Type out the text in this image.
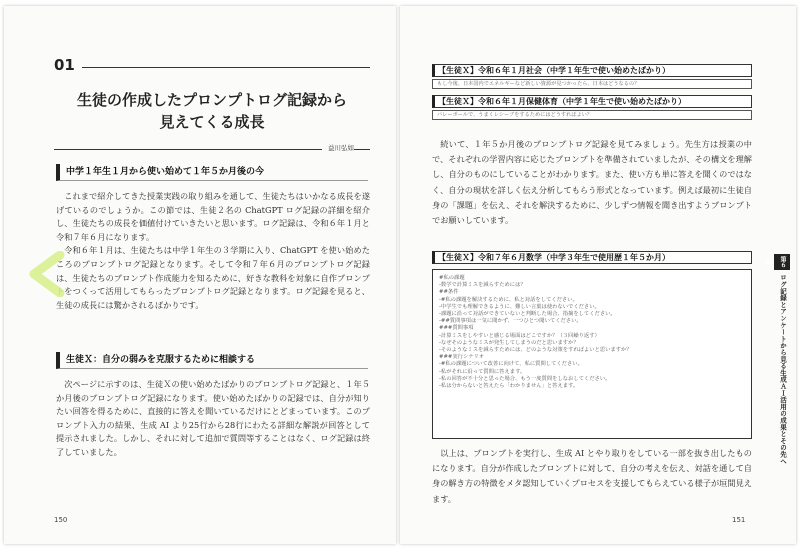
01
生徒の作成したプロンプトログ記録から
見えてくる成長
益川弘如
中学１年生１月から使い始めて１年５か月後の今

これまで紹介してきた授業実践の取り組みを通して、生徒たちはいかなる成長を遂げているのでしょうか。この節では、生徒２名の ChatGPT ログ記録の詳細を紹介し、生徒たちの成長を価値付けていきたいと思います。ログ記録は、令和６年１月と令和７年６月になります。

令和６年１月は、生徒たちは中学１年生の３学期に入り、ChatGPT を使い始めたころのプロンプトログ記録となります。そして令和７年６月のプロンプトログ記録は、生徒たちのプロンプト作成能力を知るために、好きな教科を対象に自作プロンプトをつくって活用してもらったプロンプトログ記録となります。ログ記録を見ると、生徒の成長には驚かされるばかりです。

生徒Ｘ：自分の弱みを克服するために相談する

次ページに示すのは、生徒Ｘの使い始めたばかりのプロンプトログ記録と、１年５か月後のプロンプトログ記録になります。使い始めたばかりの記録では、自分が知りたい回答を得るために、直接的に答えを聞いているだけにとどまっています。このプロンプト入力の結果、生成 AI より25行から28行にわたる詳細な解説が回答として提示されました。しかし、それに対して追加で質問等することはなく、ログ記録は終了していました。

150
【生徒Ｘ】令和６年１月社会（中学１年生で使い始めたばかり）
もし今後、日本国内でエネルギーなど新しい資源が見つかったら、日本はどうなるの？
【生徒Ｘ】令和６年１月保健体育（中学１年生で使い始めたばかり）
バレーボールで、うまくレシーブをするためにはどうすればよい？

続いて、１年５か月後のプロンプトログ記録を見てみましょう。先生方は授業の中で、それぞれの学習内容に応じたプロンプトを準備されていましたが、その構文を理解し、自分のものにしていることがわかります。また、使い方も単に答えを聞くのではなく、自分の現状を詳しく伝え分析してもらう形式となっています。例えば最初に生徒自身の「課題」を伝え、それを解決するために、少しずつ情報を聞き出すようプロンプトでお願いしています。

【生徒Ｘ】令和７年６月数学（中学３年生で使用歴１年５か月）
#私の課題
-数学で計算ミスを減らすためには？
##条件
-#私の課題を解決するために、私と対話をしてください。
-中学生でも理解できるように、難しい言葉は使わないでください。
-課題に沿って対話ができていないと判断した場合、指摘をしてください。
-##質問事項は一気に聞かず、一つひとつ聞いてください。
###質問事項
-計算ミスをしやすいと感じる場面はどこですか？（３回繰り返す）
-なぜそのようなミスが発生してしまうのだと思いますか？
-そのようなミスを減らすためには、どのような対策をすればよいと思いますか？
###実行シナリオ
-#私の課題について改善に向けて、私に質問してください。
-私がそれに沿って質問に答えます。
-私の回答が不十分と思った場合、もう一度質問をしなおしてください。
-私は分からないと答えたら「わかりません」と答えます。

以上は、プロンプトを実行し、生成 AI とやり取りをしている一部を抜き出したものになります。自分が作成したプロンプトに対して、自分の考えを伝え、対話を通して自身の解き方の特徴をメタ認知していくプロセスを支援してもらえている様子が垣間見えます。

第６章
ログ記録とアンケートから見る生成ＡＩ活用の成果とその先へ
151
